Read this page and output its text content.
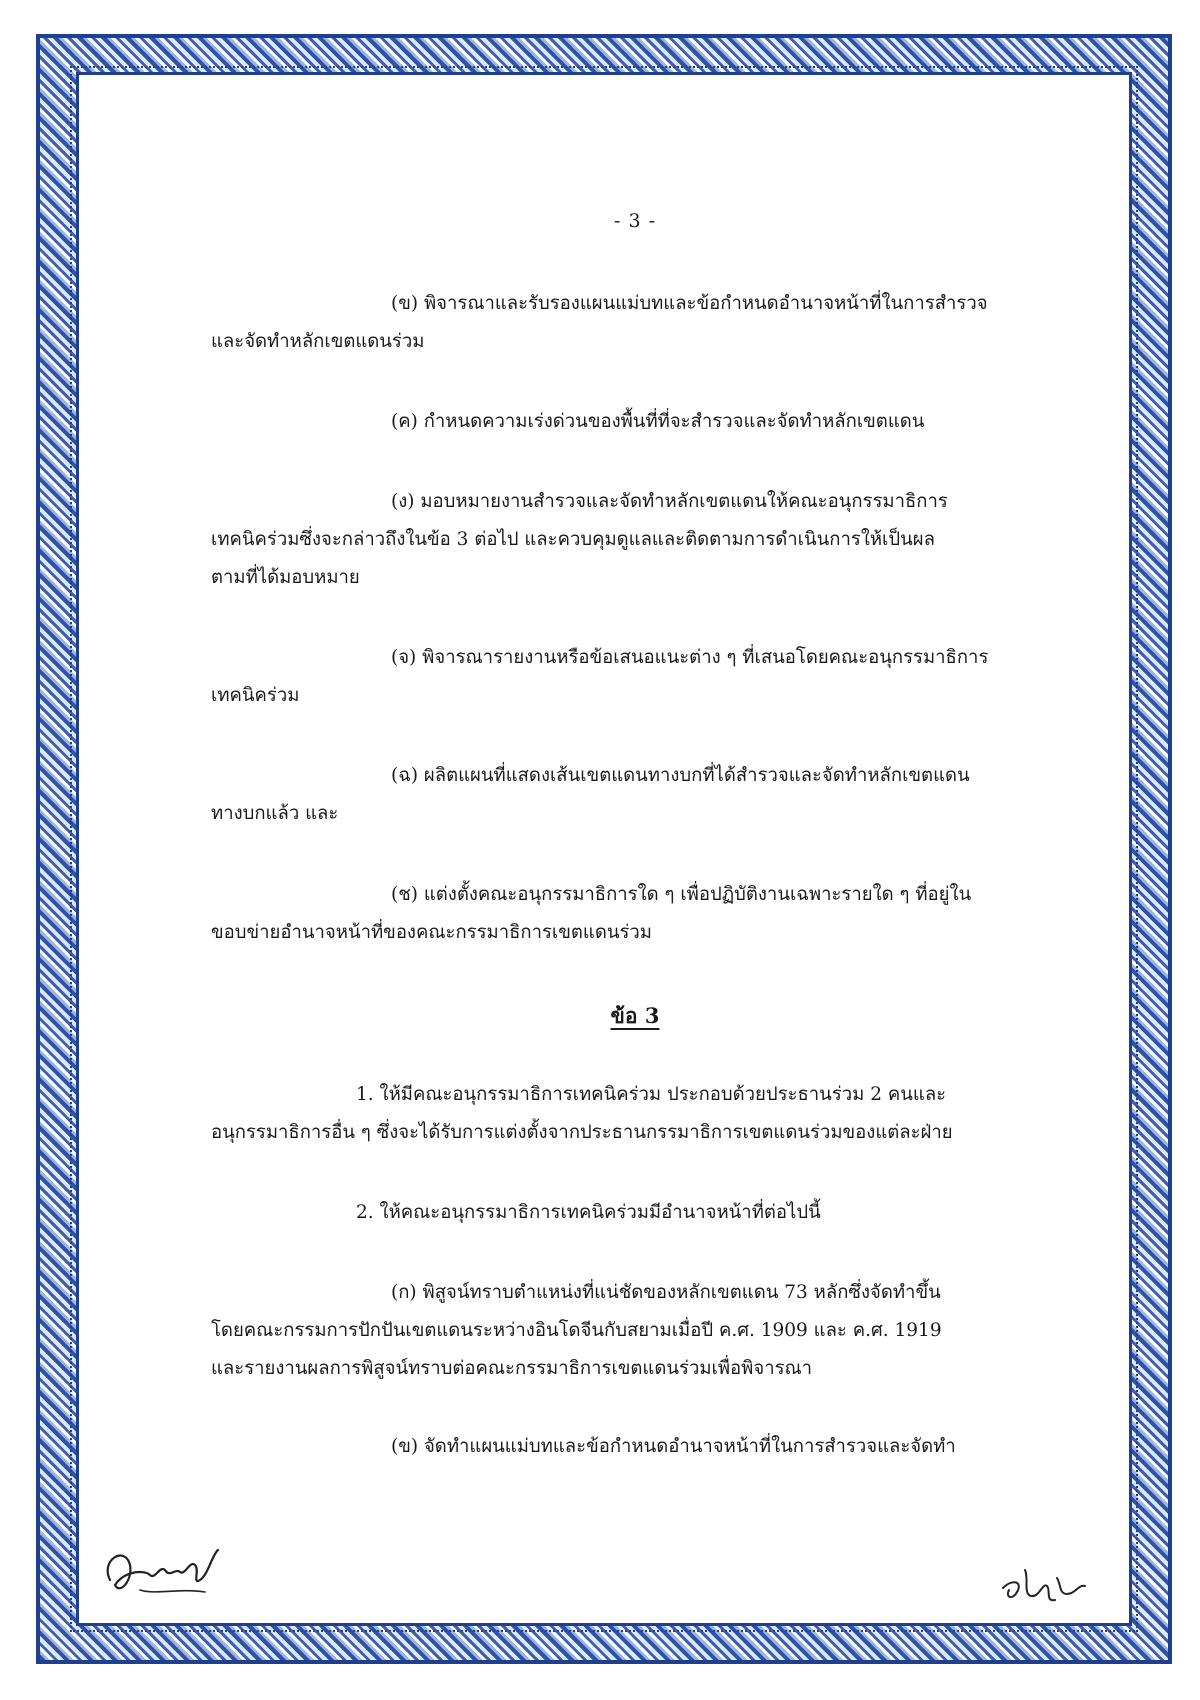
- 3 -
(ข) พิจารณาและรับรองแผนแม่บทและข้อกำหนดอำนาจหน้าที่ในการสำรวจ
และจัดทำหลักเขตแดนร่วม
(ค) กำหนดความเร่งด่วนของพื้นที่ที่จะสำรวจและจัดทำหลักเขตแดน
(ง) มอบหมายงานสำรวจและจัดทำหลักเขตแดนให้คณะอนุกรรมาธิการ
เทคนิคร่วมซึ่งจะกล่าวถึงในข้อ 3 ต่อไป และควบคุมดูแลและติดตามการดำเนินการให้เป็นผล
ตามที่ได้มอบหมาย
(จ) พิจารณารายงานหรือข้อเสนอแนะต่าง ๆ ที่เสนอโดยคณะอนุกรรมาธิการ
เทคนิคร่วม
(ฉ) ผลิตแผนที่แสดงเส้นเขตแดนทางบกที่ได้สำรวจและจัดทำหลักเขตแดน
ทางบกแล้ว และ
(ช) แต่งตั้งคณะอนุกรรมาธิการใด ๆ เพื่อปฏิบัติงานเฉพาะรายใด ๆ ที่อยู่ใน
ขอบข่ายอำนาจหน้าที่ของคณะกรรมาธิการเขตแดนร่วม
ข้อ 3
1. ให้มีคณะอนุกรรมาธิการเทคนิคร่วม ประกอบด้วยประธานร่วม 2 คนและ
อนุกรรมาธิการอื่น ๆ ซึ่งจะได้รับการแต่งตั้งจากประธานกรรมาธิการเขตแดนร่วมของแต่ละฝ่าย
2. ให้คณะอนุกรรมาธิการเทคนิคร่วมมีอำนาจหน้าที่ต่อไปนี้
(ก) พิสูจน์ทราบตำแหน่งที่แน่ชัดของหลักเขตแดน 73 หลักซึ่งจัดทำขึ้น
โดยคณะกรรมการปักปันเขตแดนระหว่างอินโดจีนกับสยามเมื่อปี ค.ศ. 1909 และ ค.ศ. 1919
และรายงานผลการพิสูจน์ทราบต่อคณะกรรมาธิการเขตแดนร่วมเพื่อพิจารณา
(ข) จัดทำแผนแม่บทและข้อกำหนดอำนาจหน้าที่ในการสำรวจและจัดทำ
